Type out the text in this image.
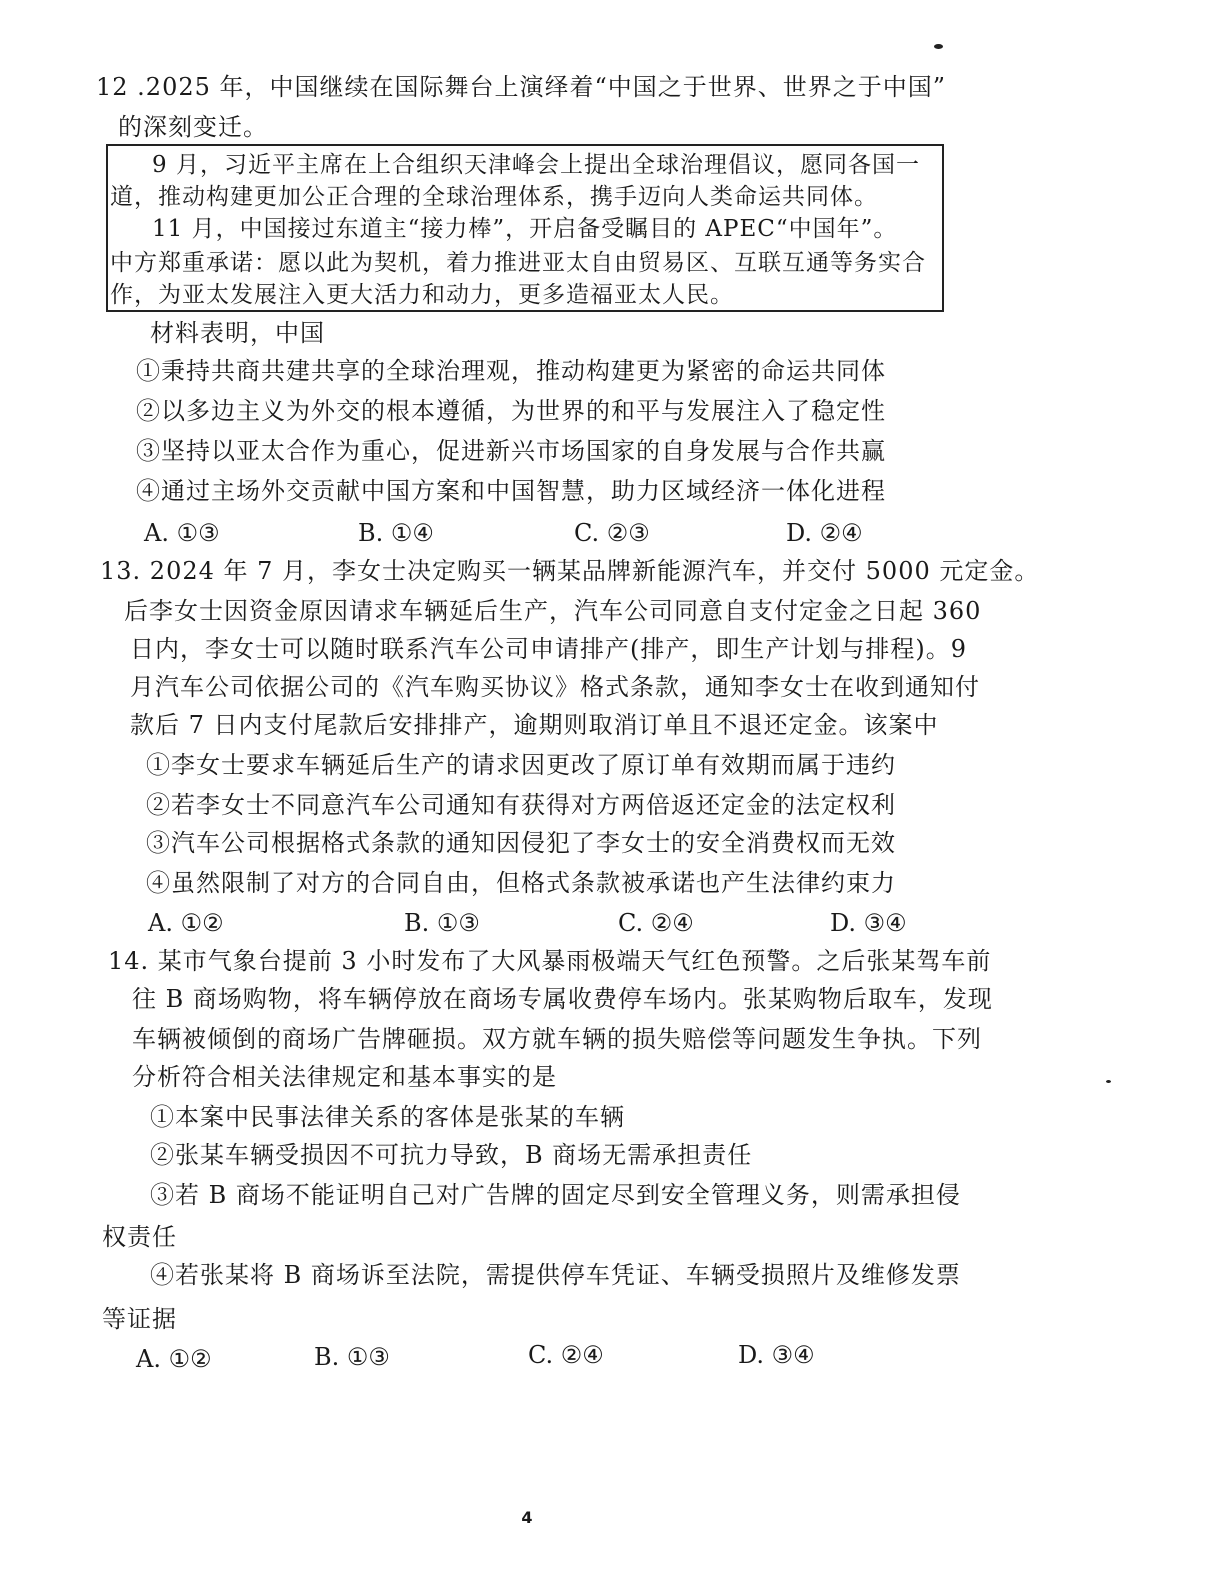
12 .2025 年，中国继续在国际舞台上演绎着“中国之于世界、世界之于中国”
的深刻变迁。
9 月，习近平主席在上合组织天津峰会上提出全球治理倡议，愿同各国一
道，推动构建更加公正合理的全球治理体系，携手迈向人类命运共同体。
11 月，中国接过东道主“接力棒”，开启备受瞩目的 APEC“中国年”。
中方郑重承诺：愿以此为契机，着力推进亚太自由贸易区、互联互通等务实合
作，为亚太发展注入更大活力和动力，更多造福亚太人民。
材料表明，中国
①秉持共商共建共享的全球治理观，推动构建更为紧密的命运共同体
②以多边主义为外交的根本遵循，为世界的和平与发展注入了稳定性
③坚持以亚太合作为重心，促进新兴市场国家的自身发展与合作共赢
④通过主场外交贡献中国方案和中国智慧，助力区域经济一体化进程
A. ①③	B. ①④	C. ②③	D. ②④
13. 2024 年 7 月，李女士决定购买一辆某品牌新能源汽车，并交付 5000 元定金。
后李女士因资金原因请求车辆延后生产，汽车公司同意自支付定金之日起 360
日内，李女士可以随时联系汽车公司申请排产(排产，即生产计划与排程)。9
月汽车公司依据公司的《汽车购买协议》格式条款，通知李女士在收到通知付
款后 7 日内支付尾款后安排排产，逾期则取消订单且不退还定金。该案中
①李女士要求车辆延后生产的请求因更改了原订单有效期而属于违约
②若李女士不同意汽车公司通知有获得对方两倍返还定金的法定权利
③汽车公司根据格式条款的通知因侵犯了李女士的安全消费权而无效
④虽然限制了对方的合同自由，但格式条款被承诺也产生法律约束力
A. ①②	B. ①③	C. ②④	D. ③④
14. 某市气象台提前 3 小时发布了大风暴雨极端天气红色预警。之后张某驾车前
往 B 商场购物，将车辆停放在商场专属收费停车场内。张某购物后取车，发现
车辆被倾倒的商场广告牌砸损。双方就车辆的损失赔偿等问题发生争执。下列
分析符合相关法律规定和基本事实的是
①本案中民事法律关系的客体是张某的车辆
②张某车辆受损因不可抗力导致，B 商场无需承担责任
③若 B 商场不能证明自己对广告牌的固定尽到安全管理义务，则需承担侵
权责任
④若张某将 B 商场诉至法院，需提供停车凭证、车辆受损照片及维修发票
等证据
A. ①②	B. ①③	C. ②④	D. ③④
4
